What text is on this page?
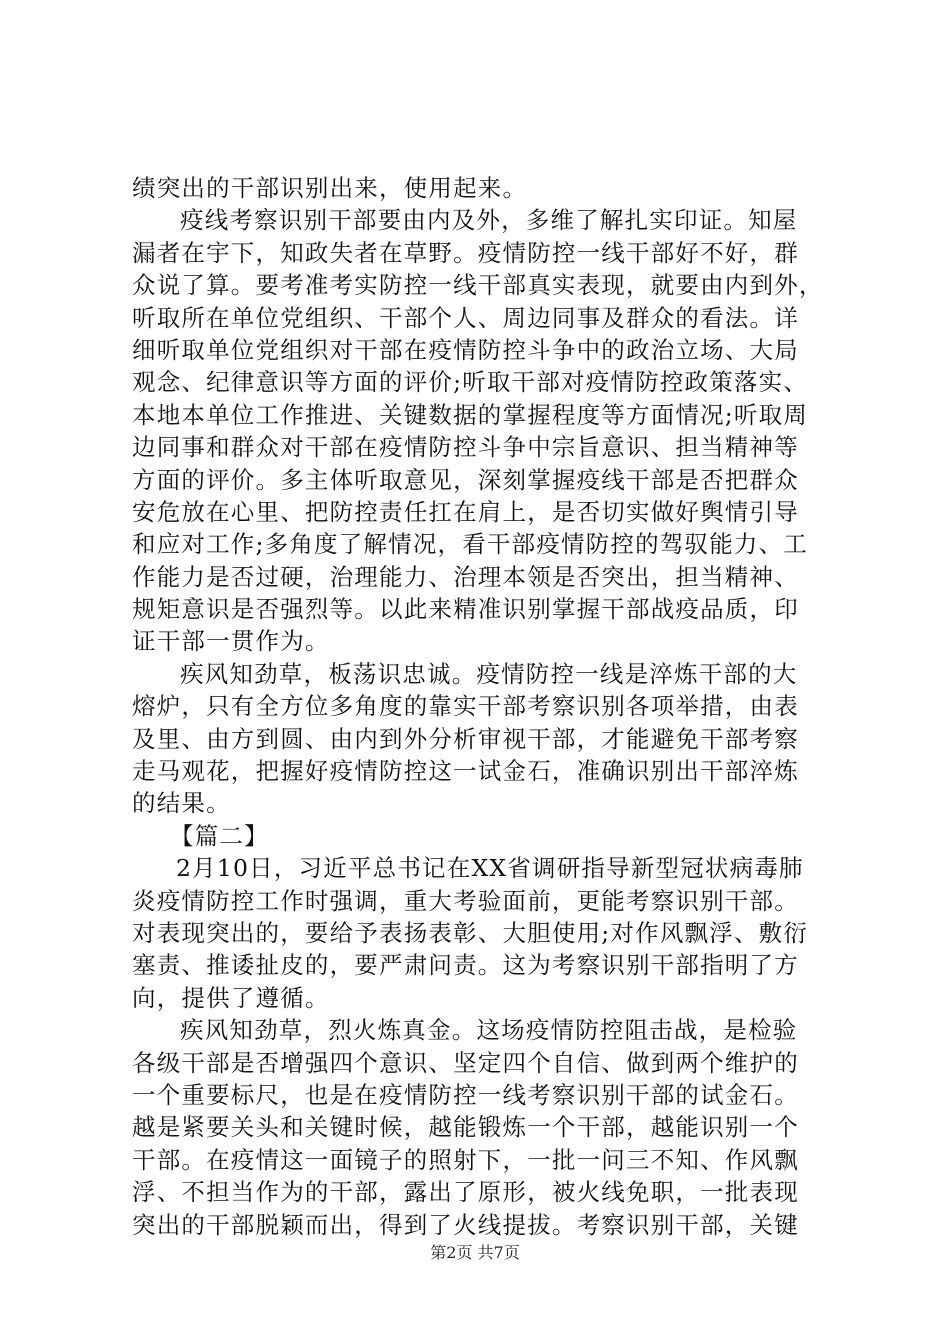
绩突出的干部识别出来，使用起来。
疫线考察识别干部要由内及外，多维了解扎实印证。知屋
漏者在宇下，知政失者在草野。疫情防控一线干部好不好，群
众说了算。要考准考实防控一线干部真实表现，就要由内到外，
听取所在单位党组织、干部个人、周边同事及群众的看法。详
细听取单位党组织对干部在疫情防控斗争中的政治立场、大局
观念、纪律意识等方面的评价;听取干部对疫情防控政策落实、
本地本单位工作推进、关键数据的掌握程度等方面情况;听取周
边同事和群众对干部在疫情防控斗争中宗旨意识、担当精神等
方面的评价。多主体听取意见，深刻掌握疫线干部是否把群众
安危放在心里、把防控责任扛在肩上，是否切实做好舆情引导
和应对工作;多角度了解情况，看干部疫情防控的驾驭能力、工
作能力是否过硬，治理能力、治理本领是否突出，担当精神、
规矩意识是否强烈等。以此来精准识别掌握干部战疫品质，印
证干部一贯作为。
疾风知劲草，板荡识忠诚。疫情防控一线是淬炼干部的大
熔炉，只有全方位多角度的靠实干部考察识别各项举措，由表
及里、由方到圆、由内到外分析审视干部，才能避免干部考察
走马观花，把握好疫情防控这一试金石，准确识别出干部淬炼
的结果。
【篇二】
2月10日，习近平总书记在XX省调研指导新型冠状病毒肺
炎疫情防控工作时强调，重大考验面前，更能考察识别干部。
对表现突出的，要给予表扬表彰、大胆使用;对作风飘浮、敷衍
塞责、推诿扯皮的，要严肃问责。这为考察识别干部指明了方
向，提供了遵循。
疾风知劲草，烈火炼真金。这场疫情防控阻击战，是检验
各级干部是否增强四个意识、坚定四个自信、做到两个维护的
一个重要标尺，也是在疫情防控一线考察识别干部的试金石。
越是紧要关头和关键时候，越能锻炼一个干部，越能识别一个
干部。在疫情这一面镜子的照射下，一批一问三不知、作风飘
浮、不担当作为的干部，露出了原形，被火线免职，一批表现
突出的干部脱颖而出，得到了火线提拔。考察识别干部，关键
第2页 共7页
